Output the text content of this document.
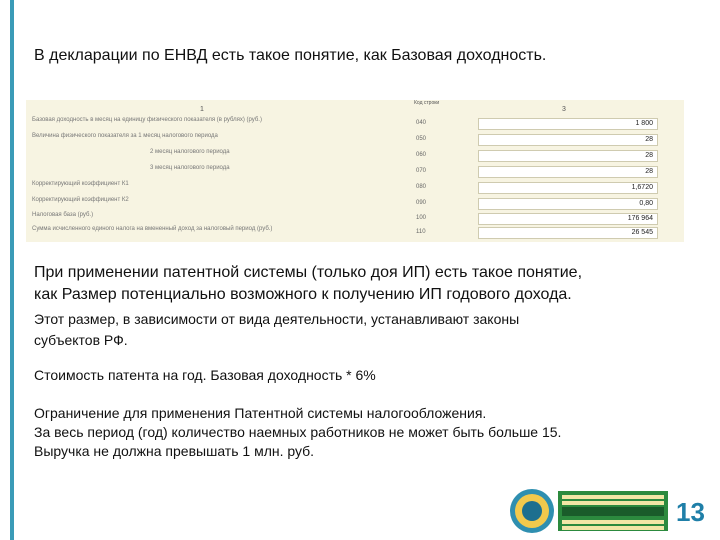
В декларации по ЕНВД есть такое понятие, как Базовая доходность.
1
Код строки
3
Базовая доходность в месяц на единицу физического показателя (в рублях) (руб.)	040	1 800
Величина физического показателя за 1 месяц налогового периода	050	28
2 месяц налогового периода	060	28
3 месяц налогового периода	070	28
Корректирующий коэффициент К1	080	1,6720
Корректирующий коэффициент К2	090	0,80
Налоговая база (руб.)	100	176 964
Сумма исчисленного единого налога на вмененный доход за налоговый период (руб.)	110	26 545
При применении патентной системы (только доя ИП) есть такое понятие,
как Размер потенциально возможного к получению ИП годового дохода.
Этот размер, в зависимости от вида деятельности, устанавливают законы
субъектов РФ.
Стоимость патента на год. Базовая доходность * 6%
Ограничение для применения Патентной системы налогообложения.
За весь период (год) количество наемных работников не может быть больше 15.
Выручка не должна превышать 1 млн. руб.
13
